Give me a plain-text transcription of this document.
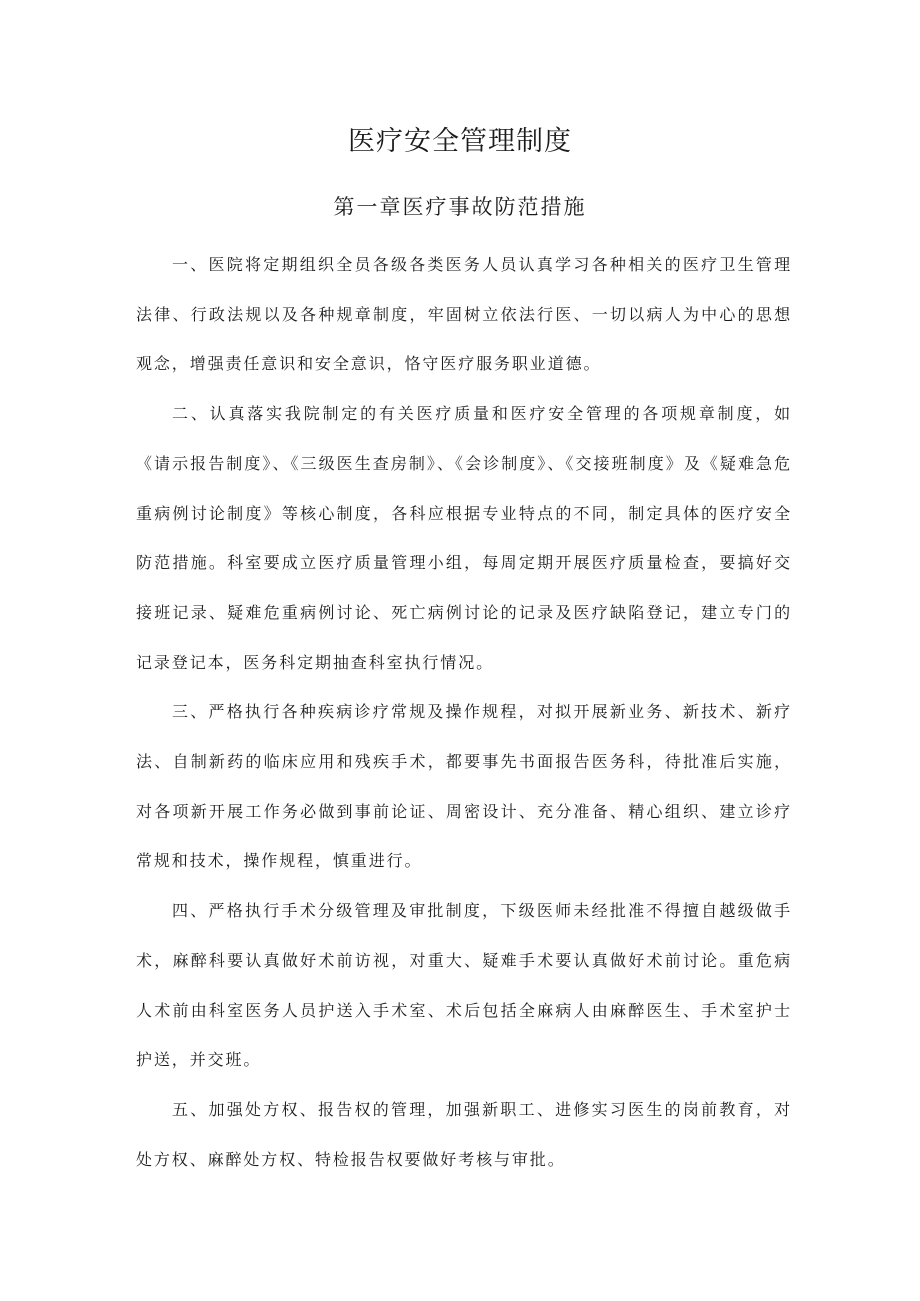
医疗安全管理制度
第一章医疗事故防范措施

一、医院将定期组织全员各级各类医务人员认真学习各种相关的医疗卫生管理法律、行政法规以及各种规章制度，牢固树立依法行医、一切以病人为中心的思想观念，增强责任意识和安全意识，恪守医疗服务职业道德。

二、认真落实我院制定的有关医疗质量和医疗安全管理的各项规章制度，如《请示报告制度》、《三级医生查房制》、《会诊制度》、《交接班制度》及《疑难急危重病例讨论制度》等核心制度，各科应根据专业特点的不同，制定具体的医疗安全防范措施。科室要成立医疗质量管理小组，每周定期开展医疗质量检查，要搞好交接班记录、疑难危重病例讨论、死亡病例讨论的记录及医疗缺陷登记，建立专门的记录登记本，医务科定期抽查科室执行情况。

三、严格执行各种疾病诊疗常规及操作规程，对拟开展新业务、新技术、新疗法、自制新药的临床应用和残疾手术，都要事先书面报告医务科，待批准后实施，对各项新开展工作务必做到事前论证、周密设计、充分准备、精心组织、建立诊疗常规和技术，操作规程，慎重进行。

四、严格执行手术分级管理及审批制度，下级医师未经批准不得擅自越级做手术，麻醉科要认真做好术前访视，对重大、疑难手术要认真做好术前讨论。重危病人术前由科室医务人员护送入手术室、术后包括全麻病人由麻醉医生、手术室护士护送，并交班。

五、加强处方权、报告权的管理，加强新职工、进修实习医生的岗前教育，对处方权、麻醉处方权、特检报告权要做好考核与审批。
